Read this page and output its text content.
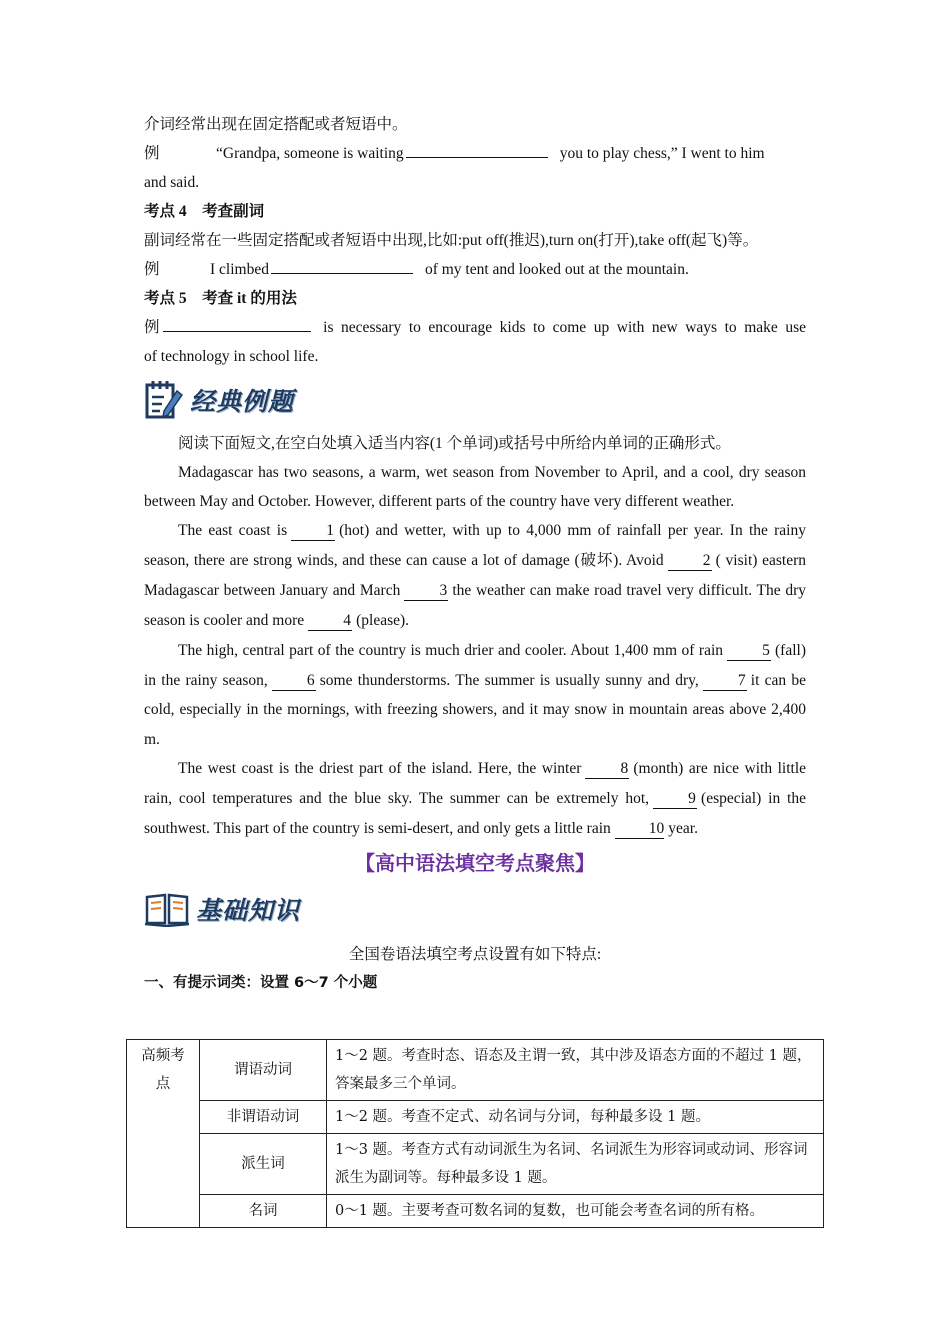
介词经常出现在固定搭配或者短语中。
例	“Grandpa, someone is waiting	you to play chess,” I went to him
and said.
考点 4　考查副词
副词经常在一些固定搭配或者短语中出现,比如:put off(推迟),turn on(打开),take off(起飞)等。
例	I climbed	of my tent and looked out at the mountain.
考点 5　考查 it 的用法
例	is necessary to encourage kids to come up with new ways to make use
of technology in school life.
经典例题
阅读下面短文,在空白处填入适当内容(1 个单词)或括号中所给内单词的正确形式。
Madagascar has two seasons, a warm, wet season from November to April, and a cool, dry season between May and October. However, different parts of the country have very different weather.
The east coast is	1 (hot) and wetter, with up to 4,000 mm of rainfall per year. In the rainy season, there are strong winds, and these can cause a lot of damage (破坏). Avoid	2 ( visit) eastern Madagascar between January and March	3 the weather can make road travel very difficult. The dry season is cooler and more	4 (please).
The high, central part of the country is much drier and cooler. About 1,400 mm of rain	5 (fall) in the rainy season,	6 some thunderstorms. The summer is usually sunny and dry,	7 it can be cold, especially in the mornings, with freezing showers, and it may snow in mountain areas above 2,400 m.
The west coast is the driest part of the island. Here, the winter	8 (month) are nice with little rain, cool temperatures and the blue sky. The summer can be extremely hot,	9 (especial) in the southwest. This part of the country is semi-desert, and only gets a little rain 10 year.
【高中语法填空考点聚焦】
基础知识
全国卷语法填空考点设置有如下特点:
一、有提示词类：设置 6～7 个小题
高频考点	谓语动词	1～2 题。考查时态、语态及主谓一致，其中涉及语态方面的不超过 1 题，答案最多三个单词。
	非谓语动词	1～2 题。考查不定式、动名词与分词，每种最多设 1 题。
	派生词	1～3 题。考查方式有动词派生为名词、名词派生为形容词或动词、形容词派生为副词等。每种最多设 1 题。
	名词	0～1 题。主要考查可数名词的复数，也可能会考查名词的所有格。
